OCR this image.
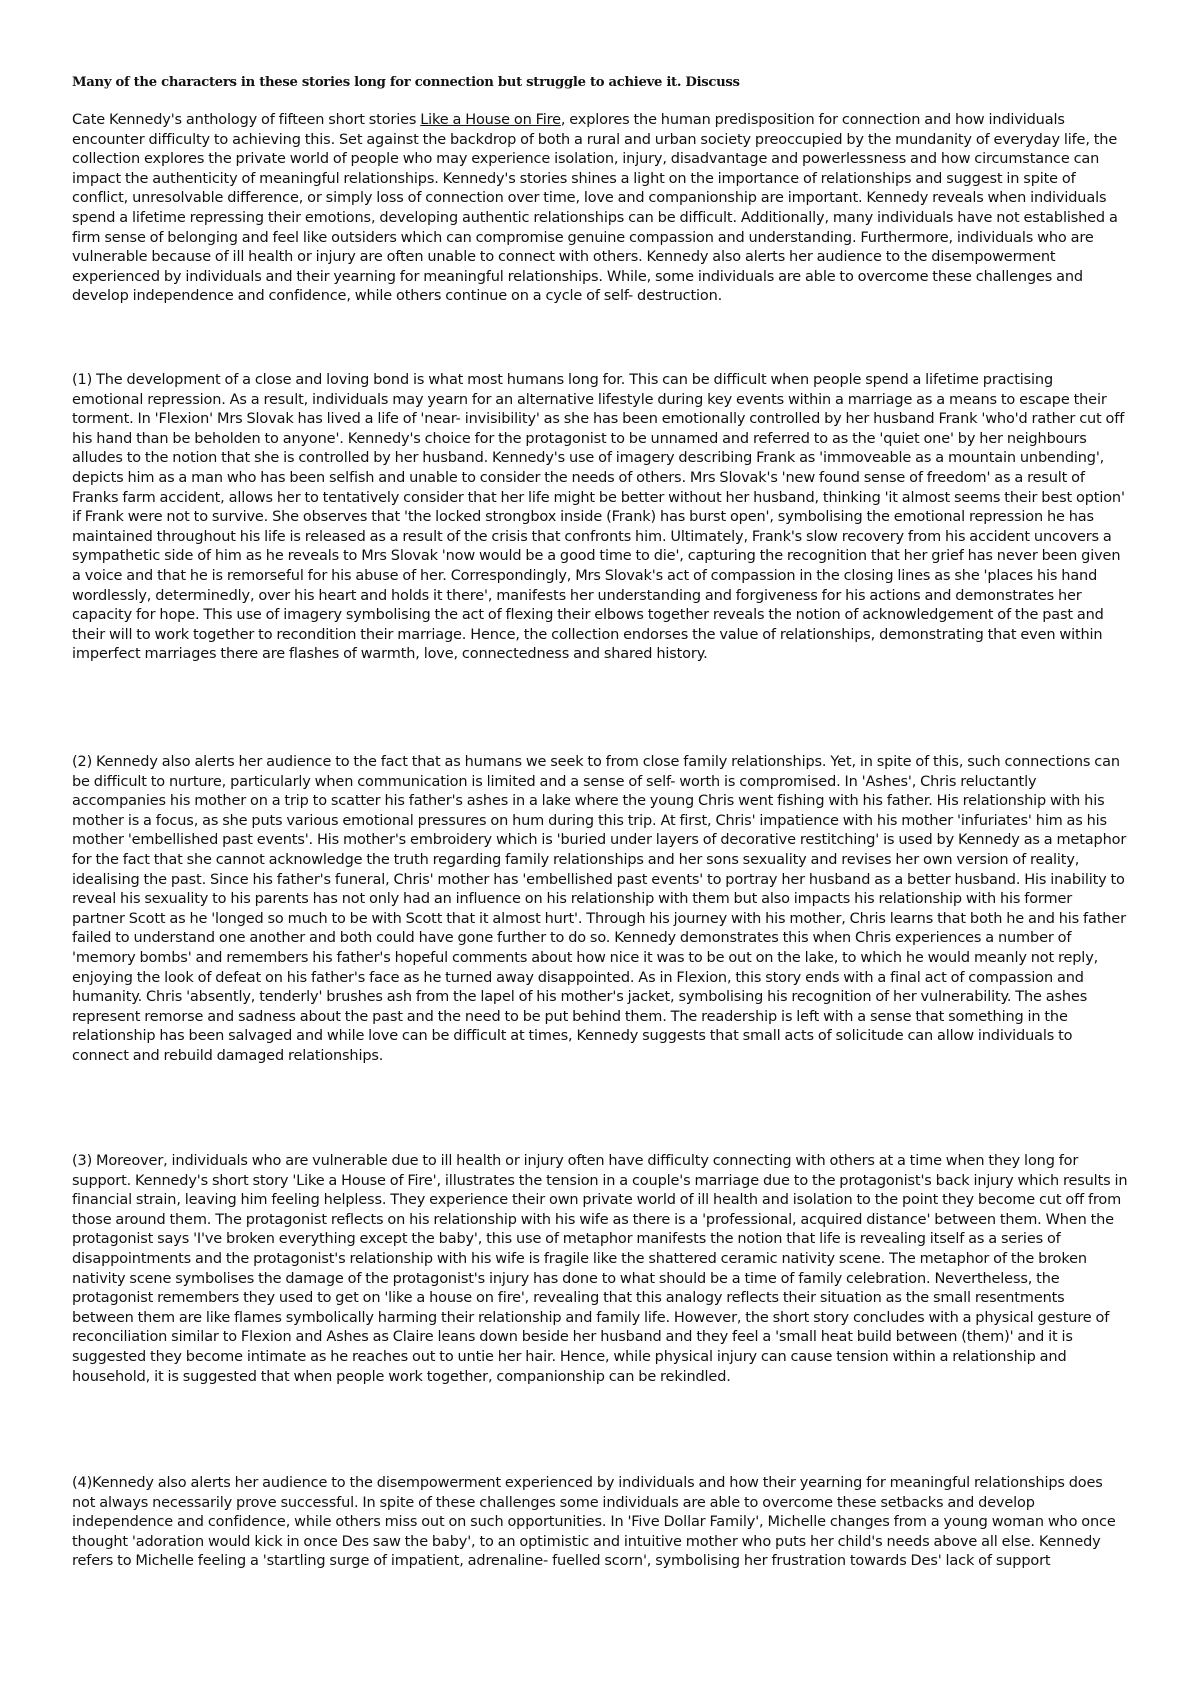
Many of the characters in these stories long for connection but struggle to achieve it. Discuss

Cate Kennedy's anthology of fifteen short stories Like a House on Fire, explores the human predisposition for connection and how individuals encounter difficulty to achieving this. Set against the backdrop of both a rural and urban society preoccupied by the mundanity of everyday life, the collection explores the private world of people who may experience isolation, injury, disadvantage and powerlessness and how circumstance can impact the authenticity of meaningful relationships. Kennedy's stories shines a light on the importance of relationships and suggest in spite of conflict, unresolvable difference, or simply loss of connection over time, love and companionship are important. Kennedy reveals when individuals spend a lifetime repressing their emotions, developing authentic relationships can be difficult. Additionally, many individuals have not established a firm sense of belonging and feel like outsiders which can compromise genuine compassion and understanding. Furthermore, individuals who are vulnerable because of ill health or injury are often unable to connect with others. Kennedy also alerts her audience to the disempowerment experienced by individuals and their yearning for meaningful relationships. While, some individuals are able to overcome these challenges and develop independence and confidence, while others continue on a cycle of self- destruction.

(1) The development of a close and loving bond is what most humans long for. This can be difficult when people spend a lifetime practising emotional repression. As a result, individuals may yearn for an alternative lifestyle during key events within a marriage as a means to escape their torment. In 'Flexion' Mrs Slovak has lived a life of 'near- invisibility' as she has been emotionally controlled by her husband Frank 'who'd rather cut off his hand than be beholden to anyone'. Kennedy's choice for the protagonist to be unnamed and referred to as the 'quiet one' by her neighbours alludes to the notion that she is controlled by her husband. Kennedy's use of imagery describing Frank as 'immoveable as a mountain unbending', depicts him as a man who has been selfish and unable to consider the needs of others. Mrs Slovak's 'new found sense of freedom' as a result of Franks farm accident, allows her to tentatively consider that her life might be better without her husband, thinking 'it almost seems their best option' if Frank were not to survive. She observes that 'the locked strongbox inside (Frank) has burst open', symbolising the emotional repression he has maintained throughout his life is released as a result of the crisis that confronts him. Ultimately, Frank's slow recovery from his accident uncovers a sympathetic side of him as he reveals to Mrs Slovak 'now would be a good time to die', capturing the recognition that her grief has never been given a voice and that he is remorseful for his abuse of her. Correspondingly, Mrs Slovak's act of compassion in the closing lines as she 'places his hand wordlessly, determinedly, over his heart and holds it there', manifests her understanding and forgiveness for his actions and demonstrates her capacity for hope. This use of imagery symbolising the act of flexing their elbows together reveals the notion of acknowledgement of the past and their will to work together to recondition their marriage. Hence, the collection endorses the value of relationships, demonstrating that even within imperfect marriages there are flashes of warmth, love, connectedness and shared history.

(2) Kennedy also alerts her audience to the fact that as humans we seek to from close family relationships. Yet, in spite of this, such connections can be difficult to nurture, particularly when communication is limited and a sense of self- worth is compromised. In 'Ashes', Chris reluctantly accompanies his mother on a trip to scatter his father's ashes in a lake where the young Chris went fishing with his father. His relationship with his mother is a focus, as she puts various emotional pressures on hum during this trip. At first, Chris' impatience with his mother 'infuriates' him as his mother 'embellished past events'. His mother's embroidery which is 'buried under layers of decorative restitching' is used by Kennedy as a metaphor for the fact that she cannot acknowledge the truth regarding family relationships and her sons sexuality and revises her own version of reality, idealising the past. Since his father's funeral, Chris' mother has 'embellished past events' to portray her husband as a better husband. His inability to reveal his sexuality to his parents has not only had an influence on his relationship with them but also impacts his relationship with his former partner Scott as he 'longed so much to be with Scott that it almost hurt'. Through his journey with his mother, Chris learns that both he and his father failed to understand one another and both could have gone further to do so. Kennedy demonstrates this when Chris experiences a number of 'memory bombs' and remembers his father's hopeful comments about how nice it was to be out on the lake, to which he would meanly not reply, enjoying the look of defeat on his father's face as he turned away disappointed. As in Flexion, this story ends with a final act of compassion and humanity. Chris 'absently, tenderly' brushes ash from the lapel of his mother's jacket, symbolising his recognition of her vulnerability. The ashes represent remorse and sadness about the past and the need to be put behind them. The readership is left with a sense that something in the relationship has been salvaged and while love can be difficult at times, Kennedy suggests that small acts of solicitude can allow individuals to connect and rebuild damaged relationships.

(3) Moreover, individuals who are vulnerable due to ill health or injury often have difficulty connecting with others at a time when they long for support. Kennedy's short story 'Like a House of Fire', illustrates the tension in a couple's marriage due to the protagonist's back injury which results in financial strain, leaving him feeling helpless. They experience their own private world of ill health and isolation to the point they become cut off from those around them. The protagonist reflects on his relationship with his wife as there is a 'professional, acquired distance' between them. When the protagonist says 'I've broken everything except the baby', this use of metaphor manifests the notion that life is revealing itself as a series of disappointments and the protagonist's relationship with his wife is fragile like the shattered ceramic nativity scene. The metaphor of the broken nativity scene symbolises the damage of the protagonist's injury has done to what should be a time of family celebration. Nevertheless, the protagonist remembers they used to get on 'like a house on fire', revealing that this analogy reflects their situation as the small resentments between them are like flames symbolically harming their relationship and family life. However, the short story concludes with a physical gesture of reconciliation similar to Flexion and Ashes as Claire leans down beside her husband and they feel a 'small heat build between (them)' and it is suggested they become intimate as he reaches out to untie her hair. Hence, while physical injury can cause tension within a relationship and household, it is suggested that when people work together, companionship can be rekindled.

(4)Kennedy also alerts her audience to the disempowerment experienced by individuals and how their yearning for meaningful relationships does not always necessarily prove successful. In spite of these challenges some individuals are able to overcome these setbacks and develop independence and confidence, while others miss out on such opportunities. In 'Five Dollar Family', Michelle changes from a young woman who once thought 'adoration would kick in once Des saw the baby', to an optimistic and intuitive mother who puts her child's needs above all else. Kennedy refers to Michelle feeling a 'startling surge of impatient, adrenaline- fuelled scorn', symbolising her frustration towards Des' lack of support
